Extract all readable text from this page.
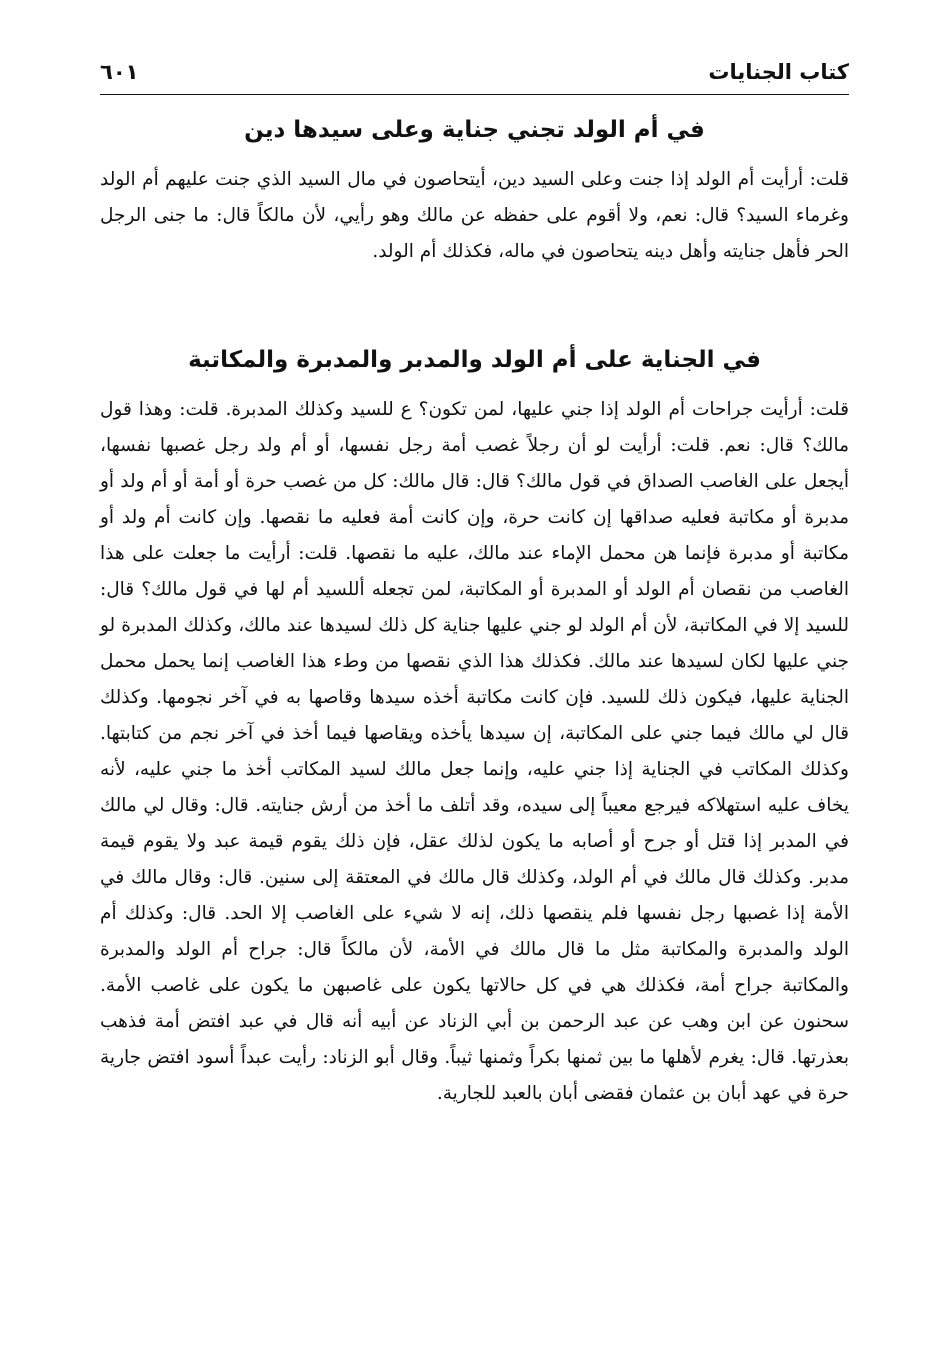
كتاب الجنايات
٦٠١
في أم الولد تجني جناية وعلى سيدها دين

قلت: أرأيت أم الولد إذا جنت وعلى السيد دين، أيتحاصون في مال السيد الذي جنت عليهم أم الولد وغرماء السيد؟ قال: نعم، ولا أقوم على حفظه عن مالك وهو رأيي، لأن مالكاً قال: ما جنى الرجل الحر فأهل جنايته وأهل دينه يتحاصون في ماله، فكذلك أم الولد.

في الجناية على أم الولد والمدبر والمدبرة والمكاتبة

قلت: أرأيت جراحات أم الولد إذا جني عليها، لمن تكون؟ ع للسيد وكذلك المدبرة. قلت: وهذا قول مالك؟ قال: نعم. قلت: أرأيت لو أن رجلاً غصب أمة رجل نفسها، أو أم ولد رجل غصبها نفسها، أيجعل على الغاصب الصداق في قول مالك؟ قال: قال مالك: كل من غصب حرة أو أمة أو أم ولد أو مدبرة أو مكاتبة فعليه صداقها إن كانت حرة، وإن كانت أمة فعليه ما نقصها. وإن كانت أم ولد أو مكاتبة أو مدبرة فإنما هن محمل الإماء عند مالك، عليه ما نقصها. قلت: أرأيت ما جعلت على هذا الغاصب من نقصان أم الولد أو المدبرة أو المكاتبة، لمن تجعله أللسيد أم لها في قول مالك؟ قال: للسيد إلا في المكاتبة، لأن أم الولد لو جني عليها جناية كل ذلك لسيدها عند مالك، وكذلك المدبرة لو جني عليها لكان لسيدها عند مالك. فكذلك هذا الذي نقصها من وطء هذا الغاصب إنما يحمل محمل الجناية عليها، فيكون ذلك للسيد. فإن كانت مكاتبة أخذه سيدها وقاصها به في آخر نجومها. وكذلك قال لي مالك فيما جني على المكاتبة، إن سيدها يأخذه ويقاصها فيما أخذ في آخر نجم من كتابتها. وكذلك المكاتب في الجناية إذا جني عليه، وإنما جعل مالك لسيد المكاتب أخذ ما جني عليه، لأنه يخاف عليه استهلاكه فيرجع معيباً إلى سيده، وقد أتلف ما أخذ من أرش جنايته. قال: وقال لي مالك في المدبر إذا قتل أو جرح أو أصابه ما يكون لذلك عقل، فإن ذلك يقوم قيمة عبد ولا يقوم قيمة مدبر. وكذلك قال مالك في أم الولد، وكذلك قال مالك في المعتقة إلى سنين. قال: وقال مالك في الأمة إذا غصبها رجل نفسها فلم ينقصها ذلك، إنه لا شيء على الغاصب إلا الحد. قال: وكذلك أم الولد والمدبرة والمكاتبة مثل ما قال مالك في الأمة، لأن مالكاً قال: جراح أم الولد والمدبرة والمكاتبة جراح أمة، فكذلك هي في كل حالاتها يكون على غاصبهن ما يكون على غاصب الأمة. سحنون عن ابن وهب عن عبد الرحمن بن أبي الزناد عن أبيه أنه قال في عبد افتض أمة فذهب بعذرتها. قال: يغرم لأهلها ما بين ثمنها بكراً وثمنها ثيباً. وقال أبو الزناد: رأيت عبداً أسود افتض جارية حرة في عهد أبان بن عثمان فقضى أبان بالعبد للجارية.
